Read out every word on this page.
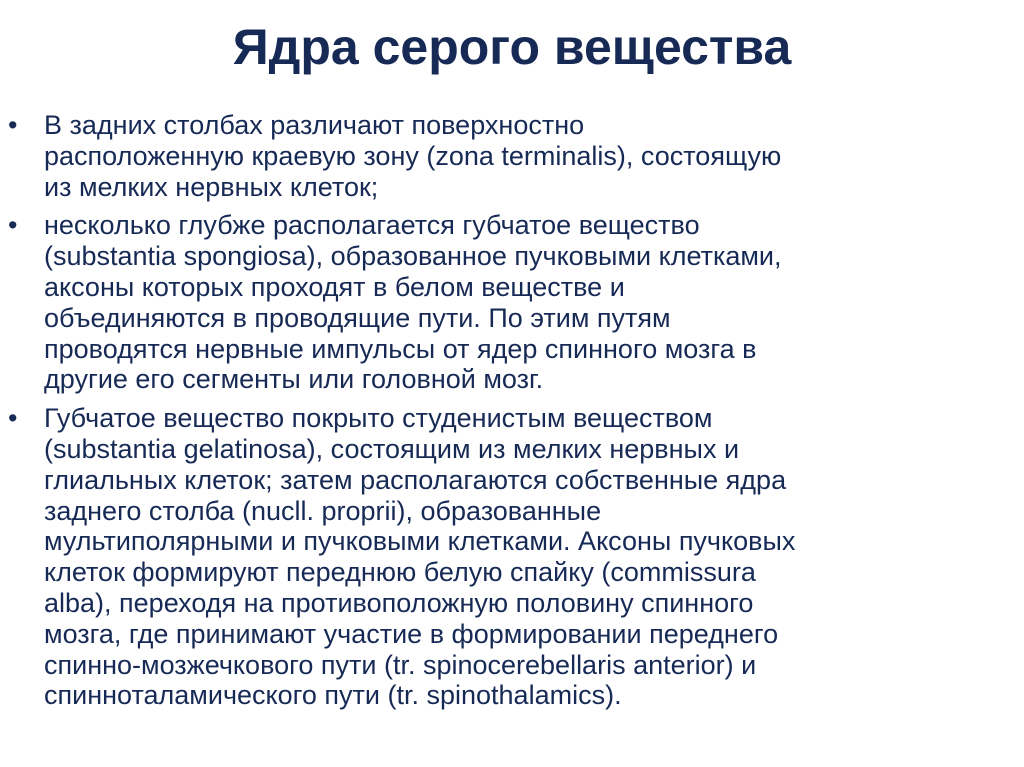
Ядра серого вещества
• В задних столбах различают поверхностно
расположенную краевую зону (zona terminalis), состоящую
из мелких нервных клеток;
• несколько глубже располагается губчатое вещество
(substantia spongiosa), образованное пучковыми клетками,
аксоны которых проходят в белом веществе и
объединяются в проводящие пути. По этим путям
проводятся нервные импульсы от ядер спинного мозга в
другие его сегменты или головной мозг.
• Губчатое вещество покрыто студенистым веществом
(substantia gelatinosa), состоящим из мелких нервных и
глиальных клеток; затем располагаются собственные ядра
заднего столба (nucll. proprii), образованные
мультиполярными и пучковыми клетками. Аксоны пучковых
клеток формируют переднюю белую спайку (commissura
alba), переходя на противоположную половину спинного
мозга, где принимают участие в формировании переднего
спинно-мозжечкового пути (tr. spinocerebellaris anterior) и
спинноталамического пути (tr. spinothalamics).
